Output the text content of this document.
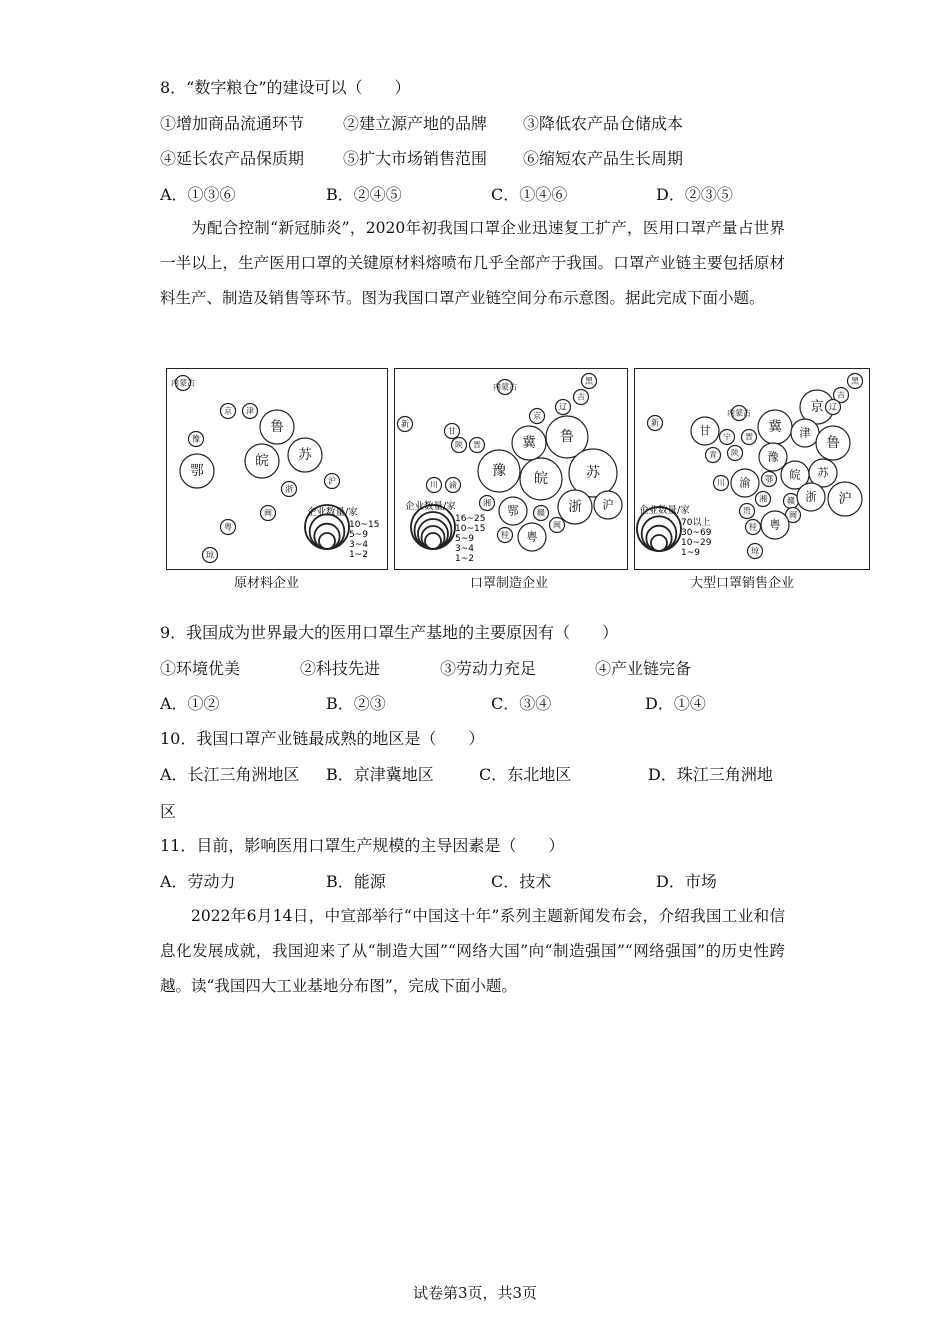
8．“数字粮仓”的建设可以（　　）
①增加商品流通环节 ②建立源产地的品牌 ③降低农产品仓储成本
④延长农产品保质期 ⑤扩大市场销售范围 ⑥缩短农产品生长周期
A．①③⑥	B．②④⑤	C．①④⑥	D．②③⑤

为配合控制“新冠肺炎”，2020年初我国口罩企业迅速复工扩产，医用口罩产量占世界一半以上，生产医用口罩的关键原材料熔喷布几乎全部产于我国。口罩产业链主要包括原材料生产、制造及销售等环节。图为我国口罩产业链空间分布示意图。据此完成下面小题。

内蒙古
京 津
豫
鲁
鄂
皖 苏
沪
浙
闽
粤
琼
企业数量/家
10~15
5~9
3~4
1~2
内蒙古
黑
吉
辽
京
新
甘
陕 晋	冀 鲁
豫 皖	苏
川 渝
湘
鄂 赣 浙 沪
闽
桂 粤
企业数量/家
16~25
10~15
5~9
3~4
1~2
黑
吉
内蒙古	京 辽
新
甘 宁 晋
冀 津
鲁
青 陕	豫
川 渝 鄂 皖 苏
湘	赣 浙 沪
贵	闽
桂 粤
琼
企业数量/家
70以上
30~69
10~29
1~9
原材料企业	口罩制造企业	大型口罩销售企业
9．我国成为世界最大的医用口罩生产基地的主要原因有（　　）
①环境优美	②科技先进	③劳动力充足	④产业链完备
A．①②	B．②③	C．③④	D．①④
10．我国口罩产业链最成熟的地区是（　　）
A．长江三角洲地区 B．京津冀地区	C．东北地区	D．珠江三角洲地
区
11．目前，影响医用口罩生产规模的主导因素是（　　）
A．劳动力	B．能源	C．技术	D．市场

2022年6月14日，中宣部举行“中国这十年”系列主题新闻发布会，介绍我国工业和信息化发展成就，我国迎来了从“制造大国”“网络大国”向“制造强国”“网络强国”的历史性跨越。读“我国四大工业基地分布图”，完成下面小题。

试卷第3页，共3页
